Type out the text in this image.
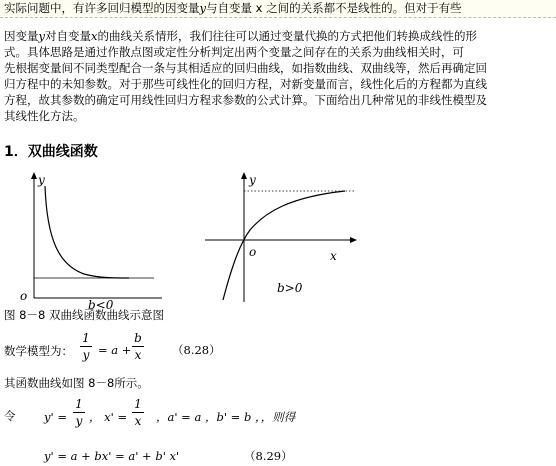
实际问题中，有许多回归模型的因变量y与自变量 x 之间的关系都不是线性的。但对于有些
因变量y对自变量x的曲线关系情形，我们往往可以通过变量代换的方式把他们转换成线性的形
式。具体思路是通过作散点图或定性分析判定出两个变量之间存在的关系为曲线相关时，可
先根据变量间不同类型配合一条与其相适应的回归曲线，如指数曲线、双曲线等，然后再确定回
归方程中的未知参数。对于那些可线性化的回归方程，对新变量而言，线性化后的方程都为直线
方程，故其参数的确定可用线性回归方程求参数的公式计算。下面给出几种常见的非线性模型及
其线性化方法。
1．双曲线函数
y
o
b<0
y
o	x
b>0
图 8－8 双曲线函数曲线示意图
数学模型为：
1
y = a +
b
x	（8.28）
其函数曲线如图 8－8所示。
令 y' =
1
y ， x' =
1
x ，a' = a ，b' = b ，，则得
y' = a + bx' = a' + b' x'	（8.29）
